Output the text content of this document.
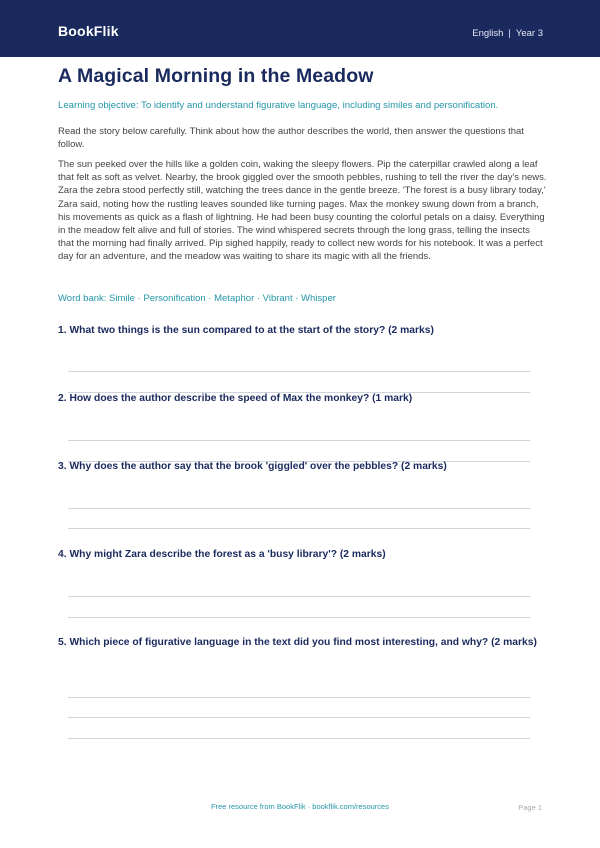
BookFlik	English | Year 3
A Magical Morning in the Meadow

Learning objective: To identify and understand figurative language, including similes and personification.

Read the story below carefully. Think about how the author describes the world, then answer the questions that follow.

The sun peeked over the hills like a golden coin, waking the sleepy flowers. Pip the caterpillar crawled along a leaf that felt as soft as velvet. Nearby, the brook giggled over the smooth pebbles, rushing to tell the river the day's news. Zara the zebra stood perfectly still, watching the trees dance in the gentle breeze. 'The forest is a busy library today,' Zara said, noting how the rustling leaves sounded like turning pages. Max the monkey swung down from a branch, his movements as quick as a flash of lightning. He had been busy counting the colorful petals on a daisy. Everything in the meadow felt alive and full of stories. The wind whispered secrets through the long grass, telling the insects that the morning had finally arrived. Pip sighed happily, ready to collect new words for his notebook. It was a perfect day for an adventure, and the meadow was waiting to share its magic with all the friends.

Word bank: Simile · Personification · Metaphor · Vibrant · Whisper

1. What two things is the sun compared to at the start of the story? (2 marks)

2. How does the author describe the speed of Max the monkey? (1 mark)

3. Why does the author say that the brook 'giggled' over the pebbles? (2 marks)

4. Why might Zara describe the forest as a 'busy library'? (2 marks)

5. Which piece of figurative language in the text did you find most interesting, and why? (2 marks)

Free resource from BookFlik · bookflik.com/resources	Page 1
